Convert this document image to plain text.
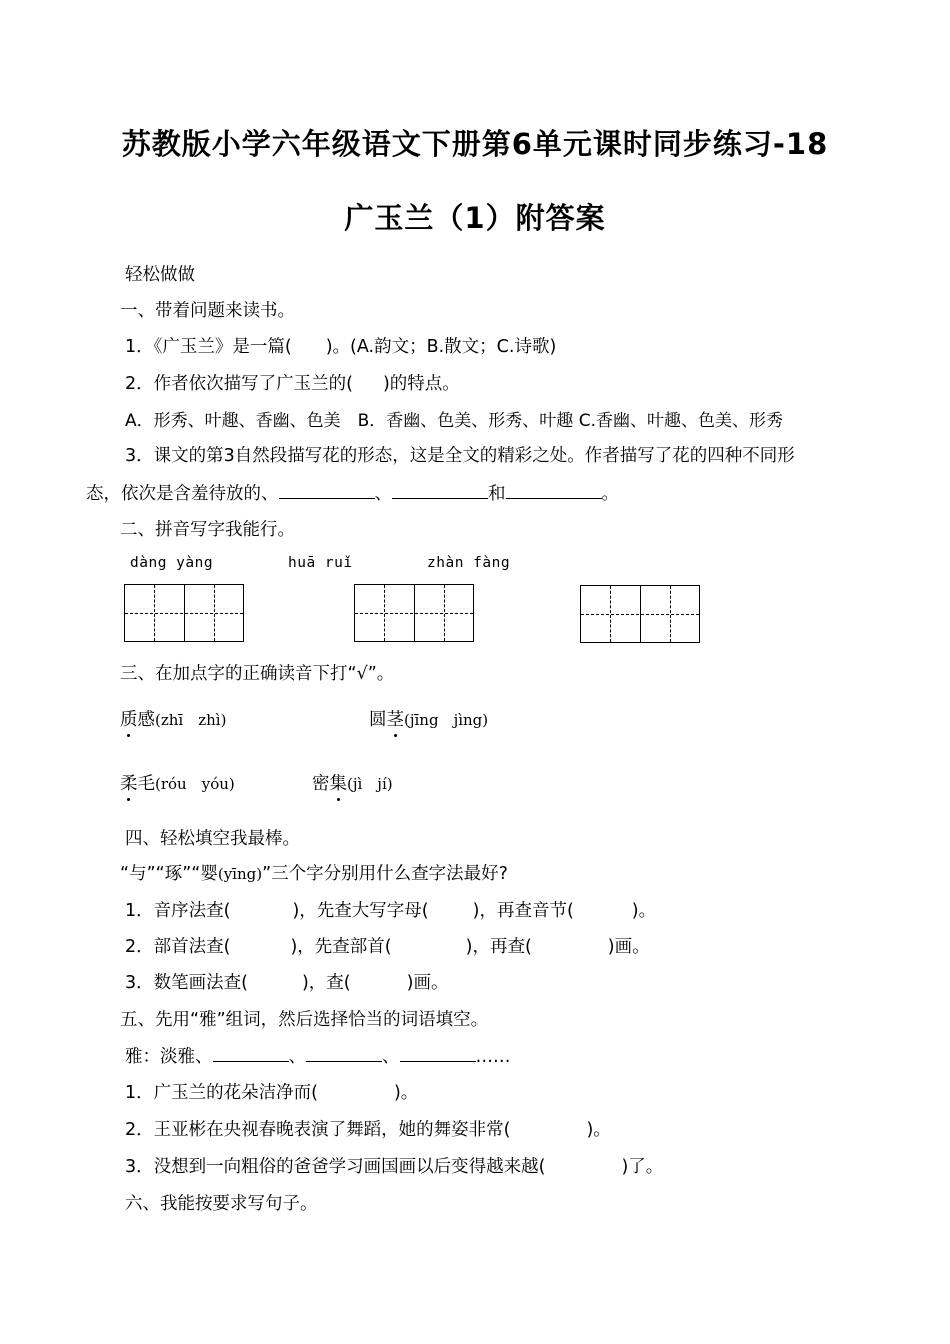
苏教版小学六年级语文下册第6单元课时同步练习-18
广玉兰（1）附答案
轻松做做
一、带着问题来读书。
1．《广玉兰》是一篇( )。(A.韵文；B.散文；C.诗歌)
2．作者依次描写了广玉兰的( )的特点。
A．形秀、叶趣、香幽、色美　B．香幽、色美、形秀、叶趣 C.香幽、叶趣、色美、形秀
3．课文的第3自然段描写花的形态，这是全文的精彩之处。作者描写了花的四种不同形
态，依次是含羞待放的、	、	和	。
二、拼音写字我能行。
dàng yàng	huā ruǐ	zhàn fàng
三、在加点字的正确读音下打“√”。
质感(zhī　zhì)	圆茎(jīng　jìng)
柔毛(róu　yóu)	密集(jì　jí)
四、轻松填空我最棒。
“与”“琢”“婴(yīng)”三个字分别用什么查字法最好?
1．音序法查(	)，先查大写字母(	)，再查音节(	)。
2．部首法查(	)，先查部首(	)，再查(	)画。
3．数笔画法查(	)，查(	)画。
五、先用“雅”组词，然后选择恰当的词语填空。
雅：淡雅、	、	、	……
1．广玉兰的花朵洁净而(	)。
2．王亚彬在央视春晚表演了舞蹈，她的舞姿非常(	)。
3．没想到一向粗俗的爸爸学习画国画以后变得越来越(	)了。
六、我能按要求写句子。
